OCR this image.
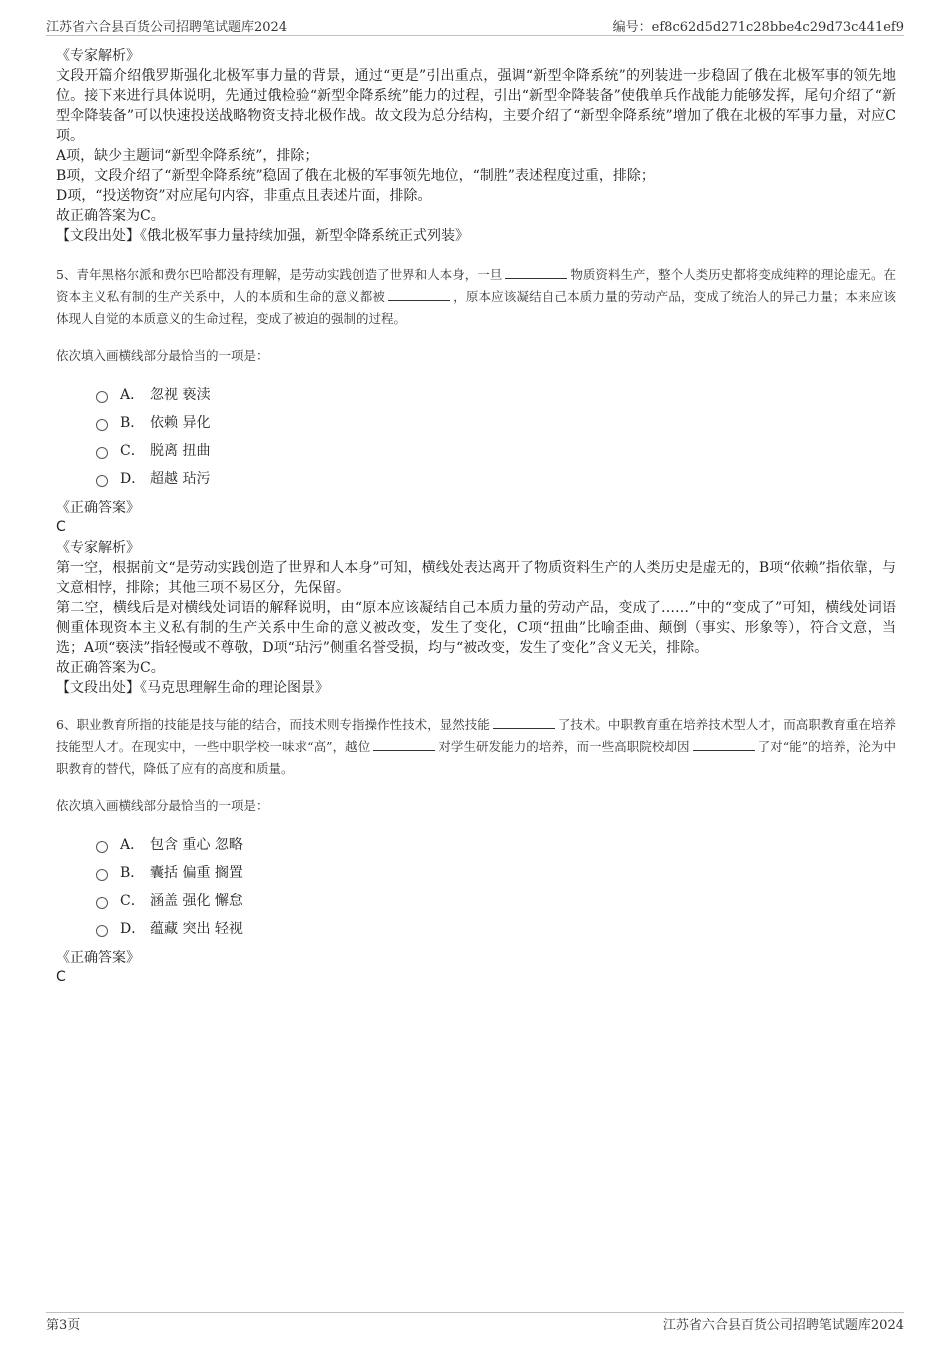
江苏省六合县百货公司招聘笔试题库2024	编号：ef8c62d5d271c28bbe4c29d73c441ef9

《专家解析》

文段开篇介绍俄罗斯强化北极军事力量的背景，通过“更是”引出重点，强调“新型伞降系统”的列装进一步稳固了俄在北极军事的领先地位。接下来进行具体说明，先通过俄检验“新型伞降系统”能力的过程，引出“新型伞降装备”使俄单兵作战能力能够发挥，尾句介绍了“新型伞降装备”可以快速投送战略物资支持北极作战。故文段为总分结构，主要介绍了“新型伞降系统”增加了俄在北极的军事力量，对应C项。

A项，缺少主题词“新型伞降系统”，排除；

B项，文段介绍了“新型伞降系统”稳固了俄在北极的军事领先地位，“制胜”表述程度过重，排除；

D项，“投送物资”对应尾句内容，非重点且表述片面，排除。

故正确答案为C。

【文段出处】《俄北极军事力量持续加强，新型伞降系统正式列装》

5、青年黑格尔派和费尔巴哈都没有理解，是劳动实践创造了世界和人本身，一旦	物质资料生产，整个人类历史都将变成纯粹的理论虚无。在资本主义私有制的生产关系中，人的本质和生命的意义都被	，原本应该凝结自己本质力量的劳动产品，变成了统治人的异己力量；本来应该体现人自觉的本质意义的生命过程，变成了被迫的强制的过程。

依次填入画横线部分最恰当的一项是：

A． 忽视 亵渎
B． 依赖 异化
C． 脱离 扭曲
D． 超越 玷污

《正确答案》

C

《专家解析》

第一空，根据前文“是劳动实践创造了世界和人本身”可知，横线处表达离开了物质资料生产的人类历史是虚无的，B项“依赖”指依靠，与文意相悖，排除；其他三项不易区分，先保留。

第二空，横线后是对横线处词语的解释说明，由“原本应该凝结自己本质力量的劳动产品，变成了……”中的“变成了”可知，横线处词语侧重体现资本主义私有制的生产关系中生命的意义被改变，发生了变化，C项“扭曲”比喻歪曲、颠倒（事实、形象等），符合文意，当选；A项“亵渎”指轻慢或不尊敬，D项“玷污”侧重名誉受损，均与“被改变，发生了变化”含义无关，排除。

故正确答案为C。

【文段出处】《马克思理解生命的理论图景》

6、职业教育所指的技能是技与能的结合，而技术则专指操作性技术，显然技能	了技术。中职教育重在培养技术型人才，而高职教育重在培养技能型人才。在现实中，一些中职学校一味求“高”，越位	对学生研发能力的培养，而一些高职院校却因	了对“能”的培养，沦为中职教育的替代，降低了应有的高度和质量。

依次填入画横线部分最恰当的一项是：

A． 包含 重心 忽略
B． 囊括 偏重 搁置
C． 涵盖 强化 懈怠
D． 蕴藏 突出 轻视

《正确答案》

C

第3页	江苏省六合县百货公司招聘笔试题库2024
